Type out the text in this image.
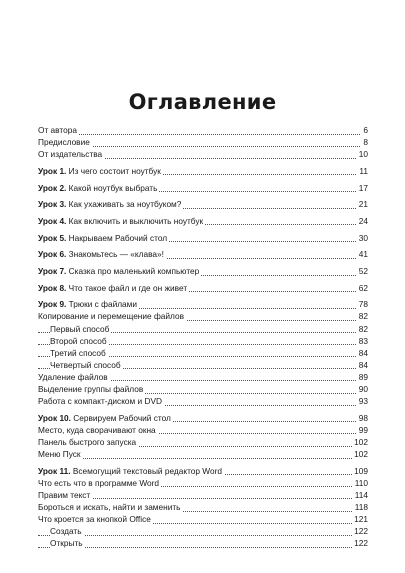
Оглавление
От автора	6
Предисловие	8
От издательства	10
Урок 1. Из чего состоит ноутбук	11
Урок 2. Какой ноутбук выбрать	17
Урок 3. Как ухаживать за ноутбуком?	21
Урок 4. Как включить и выключить ноутбук	24
Урок 5. Накрываем Рабочий стол	30
Урок 6. Знакомьтесь — «клава»!	41
Урок 7. Сказка про маленький компьютер	52
Урок 8. Что такое файл и где он живет	62
Урок 9. Трюки с файлами	78
Копирование и перемещение файлов	82
Первый способ	82
Второй способ	83
Третий способ	84
Четвертый способ	84
Удаление файлов	89
Выделение группы файлов	90
Работа с компакт-диском и DVD	93
Урок 10. Сервируем Рабочий стол	98
Место, куда сворачивают окна	99
Панель быстрого запуска	102
Меню Пуск	102
Урок 11. Всемогущий текстовый редактор Word	109
Что есть что в программе Word	110
Правим текст	114
Бороться и искать, найти и заменить	118
Что кроется за кнопкой Office	121
Создать	122
Открыть	122
